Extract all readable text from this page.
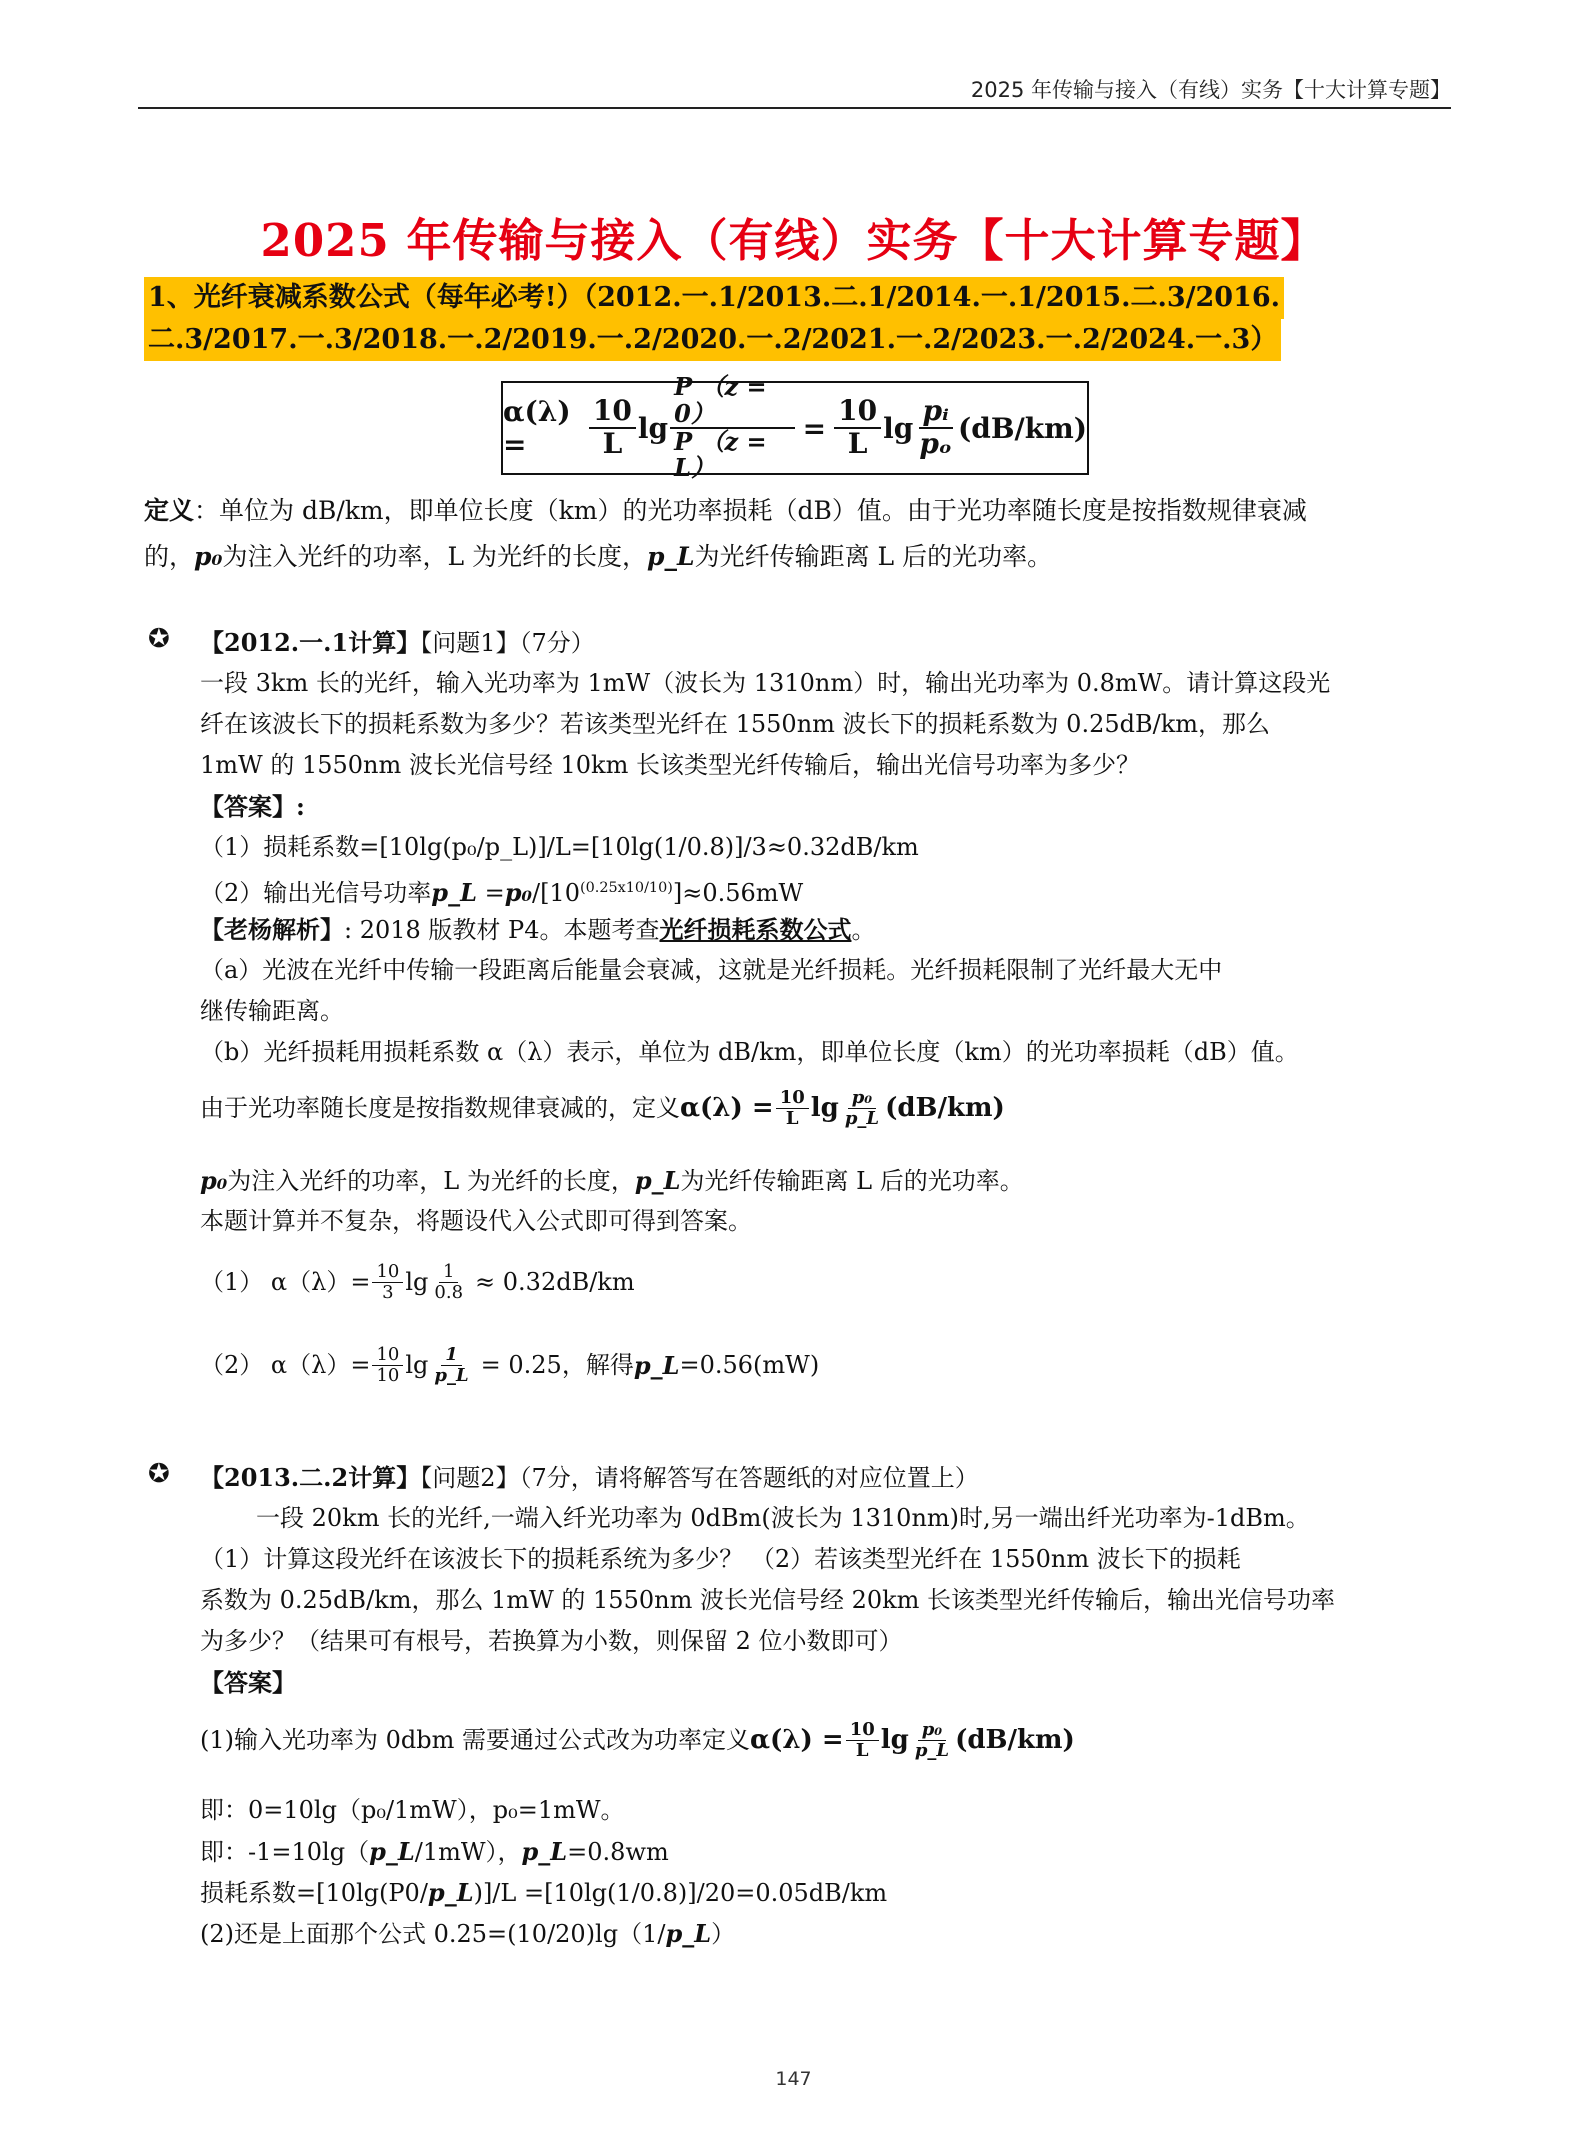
2025 年传输与接入（有线）实务【十大计算专题】
2025 年传输与接入（有线）实务【十大计算专题】
1、光纤衰减系数公式（每年必考!）（2012.一.1/2013.二.1/2014.一.1/2015.二.3/2016.
二.3/2017.一.3/2018.一.2/2019.一.2/2020.一.2/2021.一.2/2023.一.2/2024.一.3）
α(λ) =	$\frac{10}{L}$ $\lg \frac{P (z = 0)}{P (z = L)} = \frac{10}{L}$ $\lg \frac{\text{pᵢ}}{\text{pₒ}} (dB/km)$
定义：单位为 dB/km，即单位长度（km）的光功率损耗（dB）值。由于光功率随长度是按指数规律衰减
的，p₀为注入光纤的功率，L 为光纤的长度，p_L为光纤传输距离 L 后的光功率。
✪ 【2012.一.1计算】【问题1】（7分）
一段 3km 长的光纤，输入光功率为 1mW（波长为 1310nm）时，输出光功率为 0.8mW。请计算这段光
纤在该波长下的损耗系数为多少？若该类型光纤在 1550nm 波长下的损耗系数为 0.25dB/km，那么
1mW 的 1550nm 波长光信号经 10km 长该类型光纤传输后，输出光信号功率为多少？
【答案】:
（1）损耗系数=[10lg(p₀/p_L)]/L=[10lg(1/0.8)]/3≈0.32dB/km
（2）输出光信号功率p_L $=p_0/[10^{(0.25x10/10)}]\approx 0.56mW$
【老杨解析】: 2018 版教材 P4。本题考查光纤损耗系数公式。
（a）光波在光纤中传输一段距离后能量会衰减，这就是光纤损耗。光纤损耗限制了光纤最大无中
继传输距离。
（b）光纤损耗用损耗系数 α（λ）表示，单位为 dB/km，即单位长度（km）的光功率损耗（dB）值。
由于光功率随长度是按指数规律衰减的，定义 $\alpha(\lambda) = \frac{10}{L}$ $\lg \frac{\text{p₀}}{p\_L} (dB/km)$
p₀为注入光纤的功率，L 为光纤的长度，p_L为光纤传输距离 L 后的光功率。
本题计算并不复杂，将题设代入公式即可得到答案。
（1） $\alpha(\lambda)= \frac{10}{3}$ $\lg \frac{1}{0.8} \approx 0.32dB/km$
（2） $\alpha(\lambda)= \frac{10}{10}$ $\lg \frac{1}{p\_L} = 0.25$，解得 p_L =0.56(mW)
✪ 【2013.二.2计算】【问题2】（7分，请将解答写在答题纸的对应位置上）
一段 20km 长的光纤,一端入纤光功率为 0dBm(波长为 1310nm)时,另一端出纤光功率为-1dBm。
（1）计算这段光纤在该波长下的损耗系统为多少？ （2）若该类型光纤在 1550nm 波长下的损耗
系数为 0.25dB/km，那么 1mW 的 1550nm 波长光信号经 20km 长该类型光纤传输后，输出光信号功率
为多少？（结果可有根号，若换算为小数，则保留 2 位小数即可）
【答案】
(1)输入光功率为 0dbm 需要通过公式改为功率定义 $\alpha(\lambda) = \frac{10}{L}$ $\lg \frac{\text{p₀}}{p\_L} (dB/km)$
即：0=10lg（p₀/1mW），p₀=1mW。
即：-1=10lg（p_L/1mW），p_L=0.8wm
损耗系数=[10lg(P0/p_L)]/L =[10lg(1/0.8)]/20=0.05dB/km
(2)还是上面那个公式 0.25=(10/20)lg（1/p_L）
147
